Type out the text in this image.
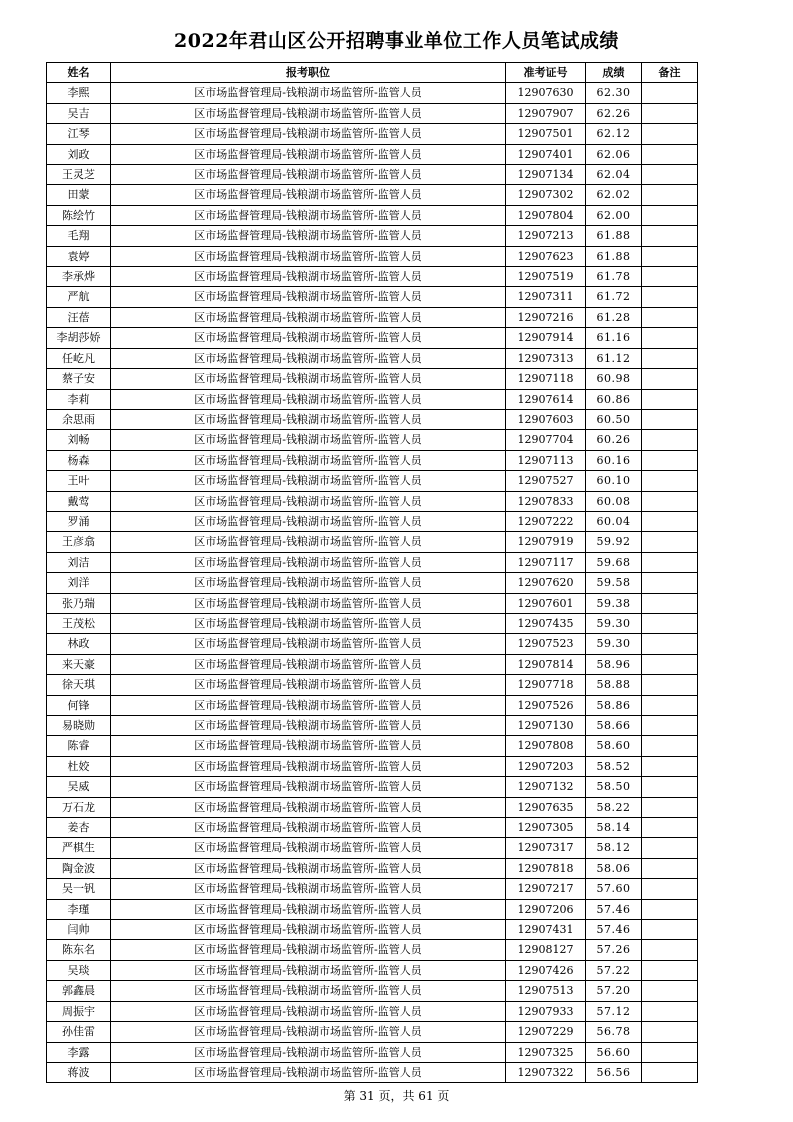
2022年君山区公开招聘事业单位工作人员笔试成绩
姓名	报考职位	准考证号	成绩	备注
李熙	区市场监督管理局-钱粮湖市场监管所-监管人员	12907630	62.30	
吴吉	区市场监督管理局-钱粮湖市场监管所-监管人员	12907907	62.26	
江琴	区市场监督管理局-钱粮湖市场监管所-监管人员	12907501	62.12	
刘政	区市场监督管理局-钱粮湖市场监管所-监管人员	12907401	62.06	
王灵芝	区市场监督管理局-钱粮湖市场监管所-监管人员	12907134	62.04	
田蒙	区市场监督管理局-钱粮湖市场监管所-监管人员	12907302	62.02	
陈绘竹	区市场监督管理局-钱粮湖市场监管所-监管人员	12907804	62.00	
毛翔	区市场监督管理局-钱粮湖市场监管所-监管人员	12907213	61.88	
袁婷	区市场监督管理局-钱粮湖市场监管所-监管人员	12907623	61.88	
李承烨	区市场监督管理局-钱粮湖市场监管所-监管人员	12907519	61.78	
严航	区市场监督管理局-钱粮湖市场监管所-监管人员	12907311	61.72	
汪蓓	区市场监督管理局-钱粮湖市场监管所-监管人员	12907216	61.28	
李胡莎娇	区市场监督管理局-钱粮湖市场监管所-监管人员	12907914	61.16	
任屹凡	区市场监督管理局-钱粮湖市场监管所-监管人员	12907313	61.12	
蔡子安	区市场监督管理局-钱粮湖市场监管所-监管人员	12907118	60.98	
李莉	区市场监督管理局-钱粮湖市场监管所-监管人员	12907614	60.86	
余思雨	区市场监督管理局-钱粮湖市场监管所-监管人员	12907603	60.50	
刘畅	区市场监督管理局-钱粮湖市场监管所-监管人员	12907704	60.26	
杨森	区市场监督管理局-钱粮湖市场监管所-监管人员	12907113	60.16	
王叶	区市场监督管理局-钱粮湖市场监管所-监管人员	12907527	60.10	
戴莺	区市场监督管理局-钱粮湖市场监管所-监管人员	12907833	60.08	
罗涌	区市场监督管理局-钱粮湖市场监管所-监管人员	12907222	60.04	
王彦翕	区市场监督管理局-钱粮湖市场监管所-监管人员	12907919	59.92	
刘洁	区市场监督管理局-钱粮湖市场监管所-监管人员	12907117	59.68	
刘洋	区市场监督管理局-钱粮湖市场监管所-监管人员	12907620	59.58	
张乃瑞	区市场监督管理局-钱粮湖市场监管所-监管人员	12907601	59.38	
王茂松	区市场监督管理局-钱粮湖市场监管所-监管人员	12907435	59.30	
林政	区市场监督管理局-钱粮湖市场监管所-监管人员	12907523	59.30	
来天豪	区市场监督管理局-钱粮湖市场监管所-监管人员	12907814	58.96	
徐天琪	区市场监督管理局-钱粮湖市场监管所-监管人员	12907718	58.88	
何锋	区市场监督管理局-钱粮湖市场监管所-监管人员	12907526	58.86	
易晓勋	区市场监督管理局-钱粮湖市场监管所-监管人员	12907130	58.66	
陈睿	区市场监督管理局-钱粮湖市场监管所-监管人员	12907808	58.60	
杜姣	区市场监督管理局-钱粮湖市场监管所-监管人员	12907203	58.52	
吴威	区市场监督管理局-钱粮湖市场监管所-监管人员	12907132	58.50	
万石龙	区市场监督管理局-钱粮湖市场监管所-监管人员	12907635	58.22	
姜杏	区市场监督管理局-钱粮湖市场监管所-监管人员	12907305	58.14	
严棋生	区市场监督管理局-钱粮湖市场监管所-监管人员	12907317	58.12	
陶金波	区市场监督管理局-钱粮湖市场监管所-监管人员	12907818	58.06	
吴一钒	区市场监督管理局-钱粮湖市场监管所-监管人员	12907217	57.60	
李瑾	区市场监督管理局-钱粮湖市场监管所-监管人员	12907206	57.46	
闫帅	区市场监督管理局-钱粮湖市场监管所-监管人员	12907431	57.46	
陈东名	区市场监督管理局-钱粮湖市场监管所-监管人员	12908127	57.26	
吴琰	区市场监督管理局-钱粮湖市场监管所-监管人员	12907426	57.22	
郭鑫晨	区市场监督管理局-钱粮湖市场监管所-监管人员	12907513	57.20	
周振宇	区市场监督管理局-钱粮湖市场监管所-监管人员	12907933	57.12	
孙佳雷	区市场监督管理局-钱粮湖市场监管所-监管人员	12907229	56.78	
李露	区市场监督管理局-钱粮湖市场监管所-监管人员	12907325	56.60	
蒋波	区市场监督管理局-钱粮湖市场监管所-监管人员	12907322	56.56	
第 31 页，共 61 页
